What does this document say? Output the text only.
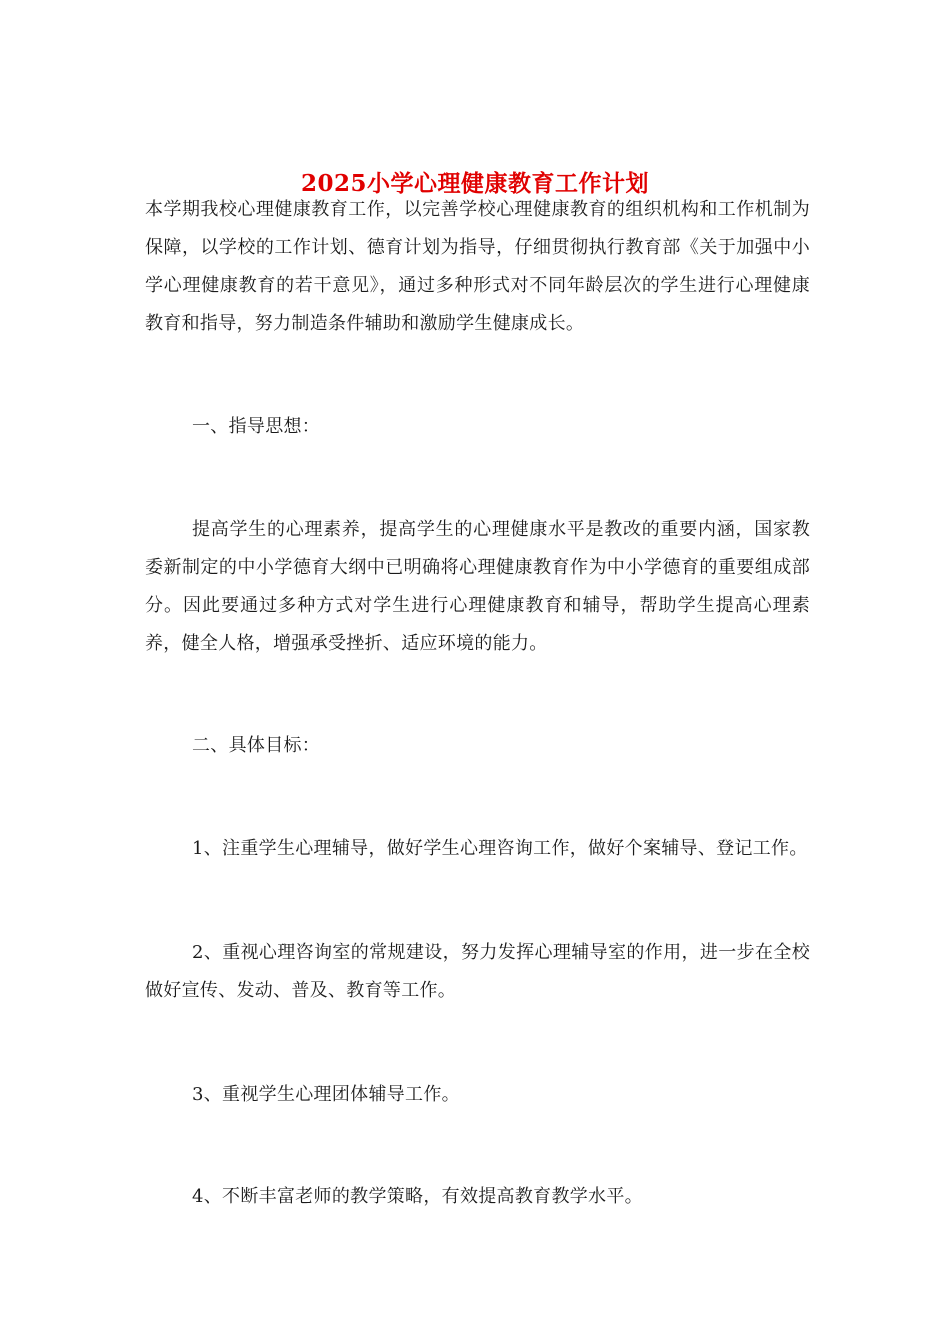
2025小学心理健康教育工作计划

本学期我校心理健康教育工作，以完善学校心理健康教育的组织机构和工作机制为保障，以学校的工作计划、德育计划为指导，仔细贯彻执行教育部《关于加强中小学心理健康教育的若干意见》，通过多种形式对不同年龄层次的学生进行心理健康教育和指导，努力制造条件辅助和激励学生健康成长。

一、指导思想：

提高学生的心理素养，提高学生的心理健康水平是教改的重要内涵，国家教委新制定的中小学德育大纲中已明确将心理健康教育作为中小学德育的重要组成部分。因此要通过多种方式对学生进行心理健康教育和辅导，帮助学生提高心理素养，健全人格，增强承受挫折、适应环境的能力。

二、具体目标：

1、注重学生心理辅导，做好学生心理咨询工作，做好个案辅导、登记工作。

2、重视心理咨询室的常规建设，努力发挥心理辅导室的作用，进一步在全校做好宣传、发动、普及、教育等工作。

3、重视学生心理团体辅导工作。

4、不断丰富老师的教学策略，有效提高教育教学水平。
